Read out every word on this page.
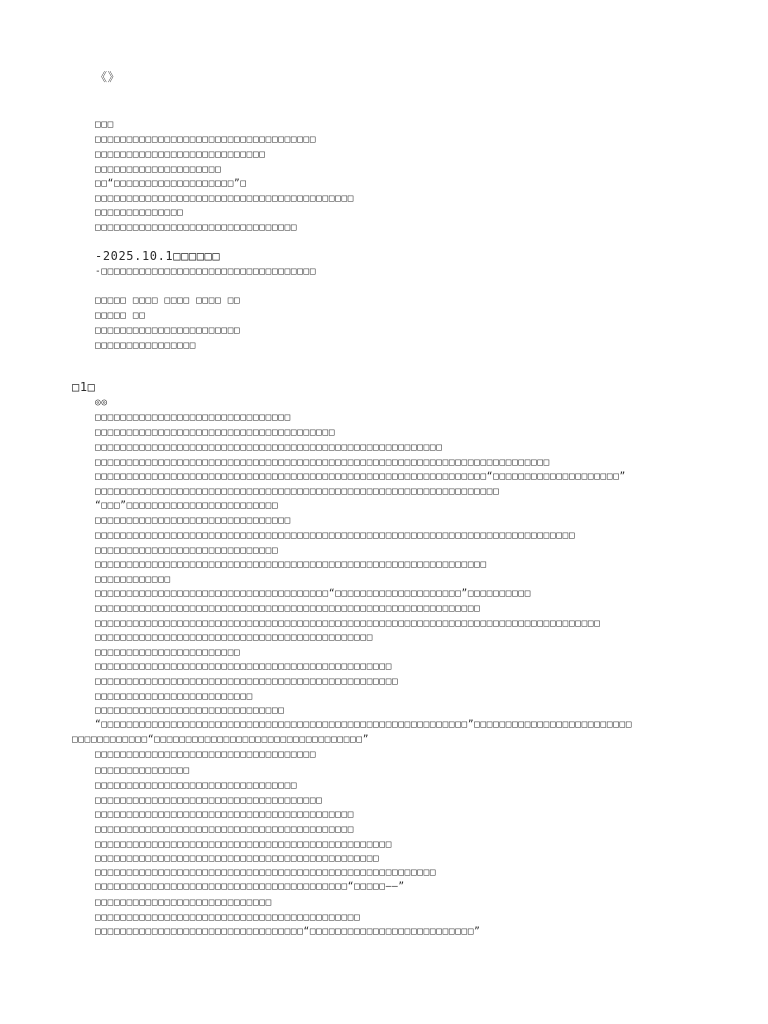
《》
□□□
□□□□□□□□□□□□□□□□□□□□□□□□□□□□□□□□□□□
□□□□□□□□□□□□□□□□□□□□□□□□□□□
□□□□□□□□□□□□□□□□□□□□
□□“□□□□□□□□□□□□□□□□□□□”□
□□□□□□□□□□□□□□□□□□□□□□□□□□□□□□□□□□□□□□□□□
□□□□□□□□□□□□□□
□□□□□□□□□□□□□□□□□□□□□□□□□□□□□□□□
-2025.10.1□□□□□□
-□□□□□□□□□□□□□□□□□□□□□□□□□□□□□□□□□□
□□□□□ □□□□ □□□□ □□□□ □□
□□□□□ □□
□□□□□□□□□□□□□□□□□□□□□□□
□□□□□□□□□□□□□□□□
□1□
◎◎
□□□□□□□□□□□□□□□□□□□□□□□□□□□□□□□
□□□□□□□□□□□□□□□□□□□□□□□□□□□□□□□□□□□□□□
□□□□□□□□□□□□□□□□□□□□□□□□□□□□□□□□□□□□□□□□□□□□□□□□□□□□□□□
□□□□□□□□□□□□□□□□□□□□□□□□□□□□□□□□□□□□□□□□□□□□□□□□□□□□□□□□□□□□□□□□□□□□□□□□
□□□□□□□□□□□□□□□□□□□□□□□□□□□□□□□□□□□□□□□□□□□□□□□□□□□□□□□□□□□□□□“□□□□□□□□□□□□□□□□□□□□”
□□□□□□□□□□□□□□□□□□□□□□□□□□□□□□□□□□□□□□□□□□□□□□□□□□□□□□□□□□□□□□□□
“□□□”□□□□□□□□□□□□□□□□□□□□□□□□
□□□□□□□□□□□□□□□□□□□□□□□□□□□□□□□
□□□□□□□□□□□□□□□□□□□□□□□□□□□□□□□□□□□□□□□□□□□□□□□□□□□□□□□□□□□□□□□□□□□□□□□□□□□□
□□□□□□□□□□□□□□□□□□□□□□□□□□□□□
□□□□□□□□□□□□□□□□□□□□□□□□□□□□□□□□□□□□□□□□□□□□□□□□□□□□□□□□□□□□□□
□□□□□□□□□□□□
□□□□□□□□□□□□□□□□□□□□□□□□□□□□□□□□□□□□□“□□□□□□□□□□□□□□□□□□□□”□□□□□□□□□□
□□□□□□□□□□□□□□□□□□□□□□□□□□□□□□□□□□□□□□□□□□□□□□□□□□□□□□□□□□□□□
□□□□□□□□□□□□□□□□□□□□□□□□□□□□□□□□□□□□□□□□□□□□□□□□□□□□□□□□□□□□□□□□□□□□□□□□□□□□□□□□
□□□□□□□□□□□□□□□□□□□□□□□□□□□□□□□□□□□□□□□□□□□□
□□□□□□□□□□□□□□□□□□□□□□□
□□□□□□□□□□□□□□□□□□□□□□□□□□□□□□□□□□□□□□□□□□□□□□□
□□□□□□□□□□□□□□□□□□□□□□□□□□□□□□□□□□□□□□□□□□□□□□□□
□□□□□□□□□□□□□□□□□□□□□□□□□
□□□□□□□□□□□□□□□□□□□□□□□□□□□□□□
“□□□□□□□□□□□□□□□□□□□□□□□□□□□□□□□□□□□□□□□□□□□□□□□□□□□□□□□□□□”□□□□□□□□□□□□□□□□□□□□□□□□□
□□□□□□□□□□□□“□□□□□□□□□□□□□□□□□□□□□□□□□□□□□□□□□”
□□□□□□□□□□□□□□□□□□□□□□□□□□□□□□□□□□□
□□□□□□□□□□□□□□□
□□□□□□□□□□□□□□□□□□□□□□□□□□□□□□□□
□□□□□□□□□□□□□□□□□□□□□□□□□□□□□□□□□□□□
□□□□□□□□□□□□□□□□□□□□□□□□□□□□□□□□□□□□□□□□□
□□□□□□□□□□□□□□□□□□□□□□□□□□□□□□□□□□□□□□□□□
□□□□□□□□□□□□□□□□□□□□□□□□□□□□□□□□□□□□□□□□□□□□□□□
□□□□□□□□□□□□□□□□□□□□□□□□□□□□□□□□□□□□□□□□□□□□□
□□□□□□□□□□□□□□□□□□□□□□□□□□□□□□□□□□□□□□□□□□□□□□□□□□□□□□
□□□□□□□□□□□□□□□□□□□□□□□□□□□□□□□□□□□□□□□□“□□□□□——”
□□□□□□□□□□□□□□□□□□□□□□□□□□□□
□□□□□□□□□□□□□□□□□□□□□□□□□□□□□□□□□□□□□□□□□□
□□□□□□□□□□□□□□□□□□□□□□□□□□□□□□□□□“□□□□□□□□□□□□□□□□□□□□□□□□□□”
